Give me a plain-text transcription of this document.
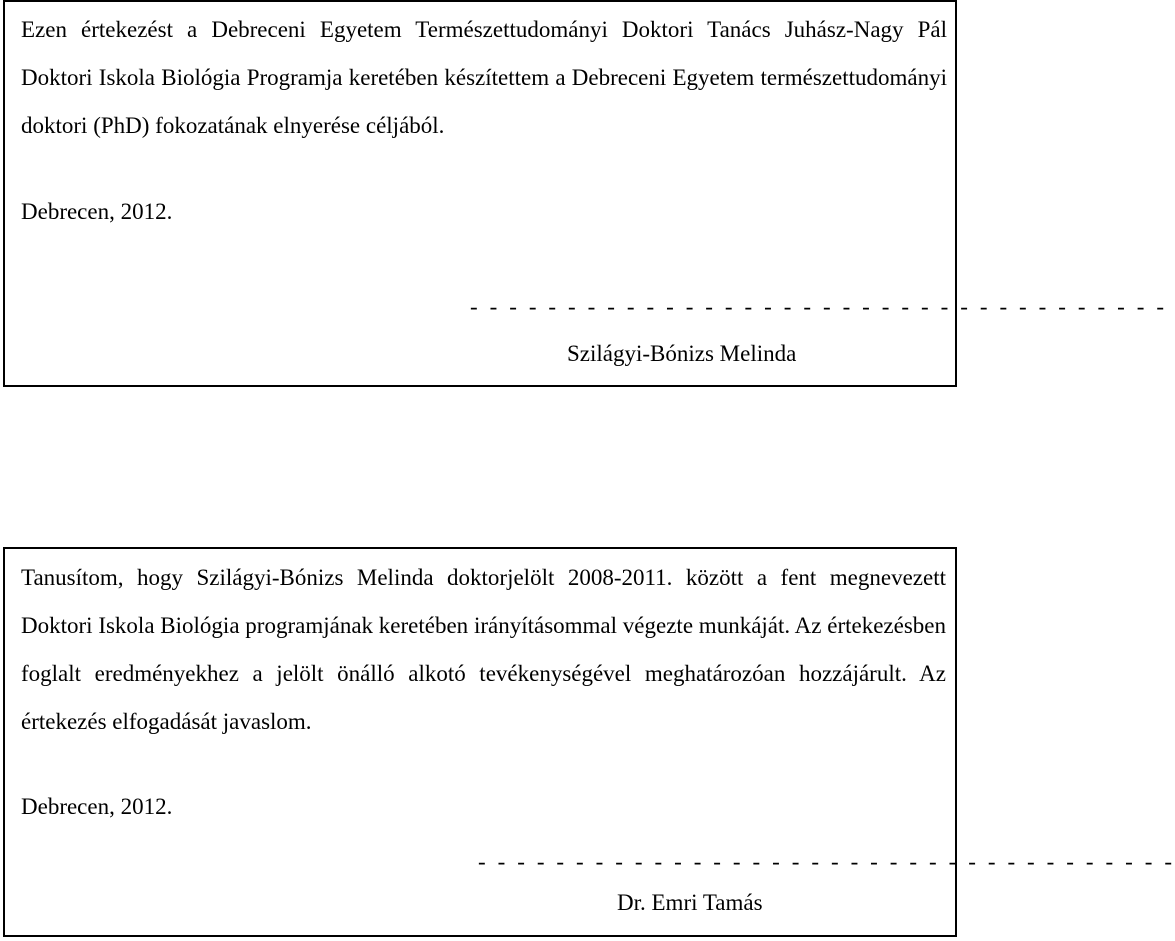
Ezen értekezést a Debreceni Egyetem Természettudományi Doktori Tanács Juhász-Nagy Pál Doktori Iskola Biológia Programja keretében készítettem a Debreceni Egyetem természettudományi doktori (PhD) fokozatának elnyerése céljából.

Debrecen, 2012.
- - - - - - - - - - - - - - - - - - - - - - - - - - - - - - - - - - - -
Szilágyi-Bónizs Melinda

Tanusítom, hogy Szilágyi-Bónizs Melinda doktorjelölt 2008-2011. között a fent megnevezett Doktori Iskola Biológia programjának keretében irányításommal végezte munkáját. Az értekezésben foglalt eredményekhez a jelölt önálló alkotó tevékenységével meghatározóan hozzájárult. Az értekezés elfogadását javaslom.

Debrecen, 2012.
- - - - - - - - - - - - - - - - - - - - - - - - - - - - - - - - - - - -
Dr. Emri Tamás
